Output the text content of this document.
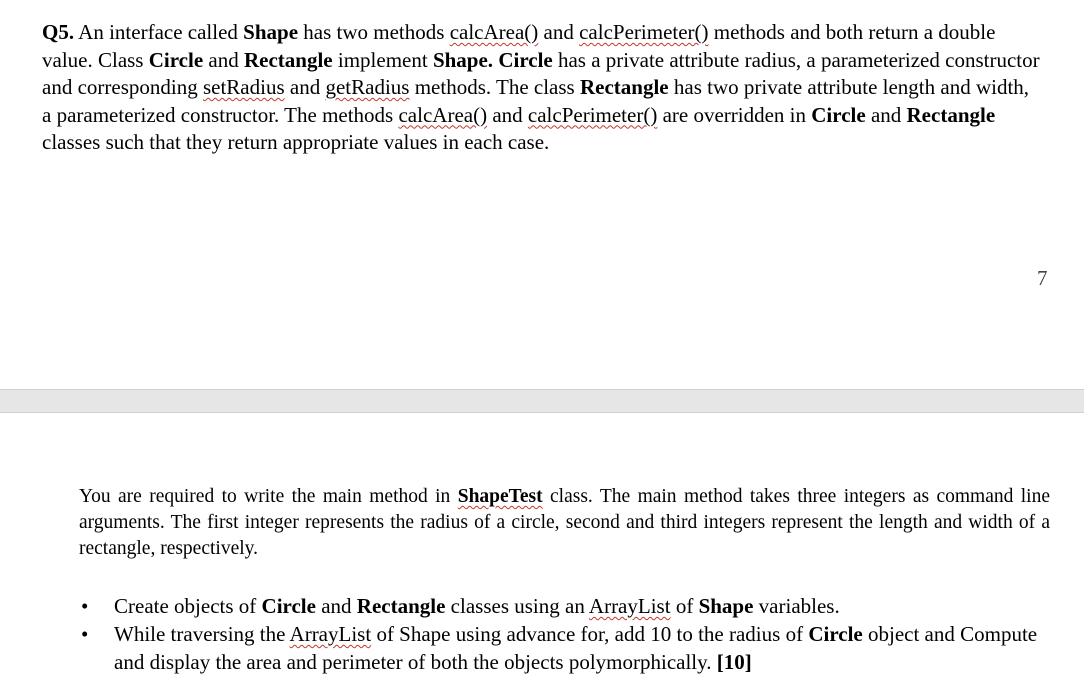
Q5. An interface called Shape has two methods calcArea() and calcPerimeter() methods and both return a double value. Class Circle and Rectangle implement Shape. Circle has a private attribute radius, a parameterized constructor and corresponding setRadius and getRadius methods. The class Rectangle has two private attribute length and width, a parameterized constructor. The methods calcArea() and calcPerimeter() are overridden in Circle and Rectangle classes such that they return appropriate values in each case.

7

You are required to write the main method in ShapeTest class. The main method takes three integers as command line arguments. The first integer represents the radius of a circle, second and third integers represent the length and width of a rectangle, respectively.

• Create objects of Circle and Rectangle classes using an ArrayList of Shape variables.
• While traversing the ArrayList of Shape using advance for, add 10 to the radius of Circle object and Compute and display the area and perimeter of both the objects polymorphically. [10]
